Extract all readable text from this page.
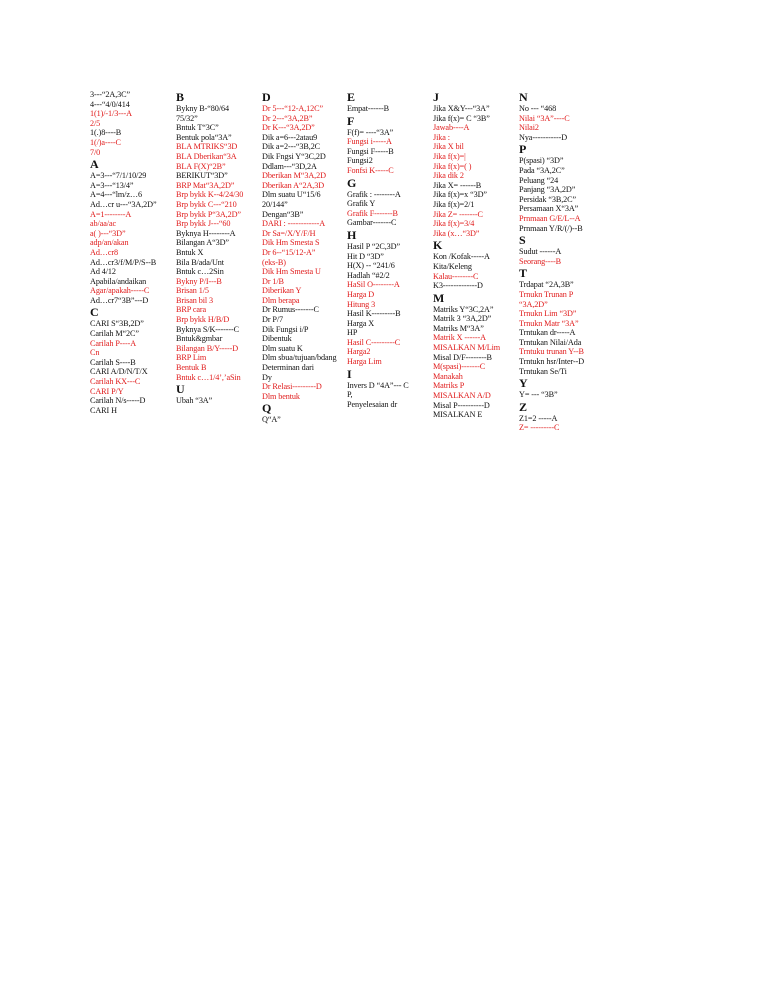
3---“2A,3C”
4---“4/0/414
1(1)/-1/3---A
2/5
1(.)8----B
1(/)a----C
7/0
A
A=3---“7/1/10/29
A=3---“13/4”
A=4---“lm/z…6
Ad…cr u---“3A,2D”
A=1--------A
ab/aa/ac
a( )---“3D”
adp/an/akan
Ad…cr8
Ad…cr3/f/M/P/S--B
Ad 4/12
Apabila/andaikan
Agar/apakah-----C
Ad…cr7“3B”---D
C
CARI S“3B,2D”
Carilah M“2C”
Carilah P----A
Cn
Carilah S----B
CARI A/D/N/T/X
Carilah KX---C
CARI P/Y
Carilah N/s-----D
CARI H
B
Bykny B-“80/64
75/32”
Bntuk T“3C”
Bentuk pola“3A”
BLA MTRIKS“3D
BLA Dberikan“3A
BLA F(X)“2B”
BERIKUT“3D”
BRP Mat“3A,2D”
Brp bykk K--4/24/30
Brp bykk C---“210
Brp bykk P“3A,2D”
Brp bykk J---“60
Byknya H--------A
Bilangan A“3D”
Bntuk X
Bila B/ada/Unt
Bntuk c…2Sin
Bykny P/I---B
Brisan 1/5
Brisan bil 3
BRP cara
Brp bykk H/B/D
Byknya S/K-------C
Bntuk&gmbar
Bilangan B/Y-----D
BRP Lim
Bentuk B
Bntuk c…1/4’,’aSin
U
Ubah “3A”
D
Dr 5---“12-A,12C”
Dr 2---“3A,2B”
Dr K---“3A,2D”
Dik a=6---2atau9
Dik a=2---“3B,2C
Dik Fngsi Y“3C,2D
Ddlam---“3D,2A
Dberikan M“3A,2D
Dberikan A“2A,3D
Dlm suatu U“15/6
20/144”
Dengan“3B”
DARI : ------------A
Dr Sa=/X/Y/F/H
Dik Hm Smesta S
Dr 6--“15/12-A”
(eks-B)
Dik Hm Smesta U
Dr 1/B
Diberikan Y
Dlm berapa
Dr Rumus-------C
Dr P/7
Dik Fungsi i/P
Dibentuk
Dlm suatu K
Dlm sbua/tujuan/bdang
Determinan dari
Dy
Dr Relasi---------D
Dlm bentuk
Q
Q“A”
E
Empat------B
F
F(f)= ----“3A”
Fungsi i-----A
Fungsi F-----B
Fungsi2
Fonfsi K-----C
G
Grafik : --------A
Grafik Y
Grafik F-------B
Gambar-------C
H
Hasil P “2C,3D”
Hit D “3D”
H(X) -- “241/6
Hadlah “#2/2
HaSil O--------A
Harga D
Hitung 3
Hasil K---------B
Harga X
HP
Hasil C---------C
Harga2
Harga Lim
I
Invers D “4A”--- C
P,
Penyelesaian dr
J
Jika X&Y---“3A”
Jika f(x)= C “3B”
Jawab----A
Jika :
Jika X bil
Jika f(x)=|
Jika f(x)=( )
Jika dik 2
Jika X= ------B
Jika f(x)=x “3D”
Jika f(x)=2/1
Jika Z= -------C
Jika f(x)=3/4
Jika (x…“3D”
K
Kon /Kofak-----A
Kita/Keleng
Kalau--------C
K3-------------D
M
Matriks Y“3C,2A”
Matrik 3 “3A,2D”
Matriks M“3A”
Matrik X ------A
MISALKAN M/Lim
Misal D/F--------B
M(spasi)-------C
Manakah
Matriks P
MISALKAN A/D
Misal P----------D
MISALKAN E
N
No --- “468
Nilai “3A”----C
Nilai2
Nya-----------D
P
P(spasi) “3D”
Pada “3A,2C”
Peluang “24
Panjang “3A,2D”
Persidak “3B,2C”
Persamaan X“3A”
Prnmaan G/E/L--A
Prnmaan Y/R/(/)--B
S
Sudut ------A
Seorang----B
T
Trdapat “2A,3B”
Trnukn Trunan P
“3A,2D”
Trnukn Lim “3D”
Trnukn Matr “3A”
Trntukan dr-----A
Trntukan Nilai/Ada
Trntuku trunan Y--B
Trntukn hsr/Inter--D
Trntukan Se/Ti
Y
Y= --- “3B”
Z
Z1=2 -----A
Z= ---------C
